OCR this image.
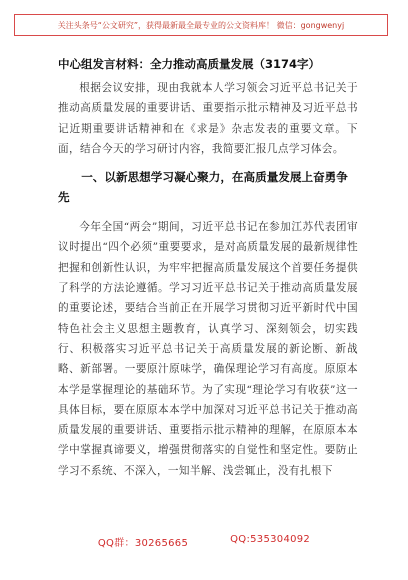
关注头条号“公文研究”，获得最新最全最专业的公文资料库！ 微信：gongwenyj
中心组发言材料：全力推动高质量发展（3174字）

根据会议安排，现由我就本人学习领会习近平总书记关于推动高质量发展的重要讲话、重要指示批示精神及习近平总书记近期重要讲话精神和在《求是》杂志发表的重要文章。下面，结合今天的学习研讨内容，我简要汇报几点学习体会。

一、以新思想学习凝心聚力，在高质量发展上奋勇争先

今年全国“两会”期间，习近平总书记在参加江苏代表团审议时提出“四个必须”重要要求，是对高质量发展的最新规律性把握和创新性认识，为牢牢把握高质量发展这个首要任务提供了科学的方法论遵循。学习习近平总书记关于推动高质量发展的重要论述，要结合当前正在开展学习贯彻习近平新时代中国特色社会主义思想主题教育，认真学习、深刻领会，切实践行、积极落实习近平总书记关于高质量发展的新论断、新战略、新部署。一要原汁原味学，确保理论学习有高度。原原本本学是掌握理论的基础环节。为了实现“理论学习有收获”这一具体目标，要在原原本本学中加深对习近平总书记关于推动高质量发展的重要讲话、重要指示批示精神的理解，在原原本本学中掌握真谛要义，增强贯彻落实的自觉性和坚定性。要防止学习不系统、不深入，一知半解、浅尝辄止，没有扎根下

QQ群：30265665	QQ:535304092
